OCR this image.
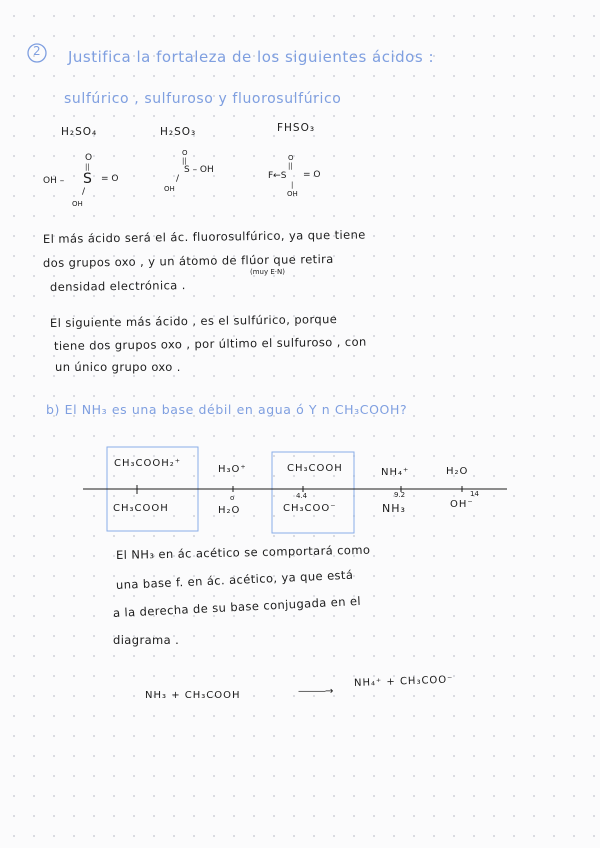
2 Justifica la fortaleza de los siguientes ácidos :
sulfúrico , sulfuroso y fluorosulfúrico
H₂SO₄	H₂SO₃	FHSO₃
O
||
OH – S = O
/
OH
O
||
S – OH
/
OH
O
||
F←S = O
|
OH
El más ácido será el ác. fluorosulfúrico, ya que tiene
dos grupos oxo , y un átomo de flúor que retira
(muy E·N)
densidad electrónica .
El siguiente más ácido , es el sulfúrico, porque
tiene dos grupos oxo , por último el sulfuroso , con
un único grupo oxo .
b) El NH₃ es una base débil en agua ó Y n CH₃COOH?
CH₃COOH₂⁺
H₃O⁺	CH₃COOH	NH₄⁺	H₂O
o	4.4	9.2	14
CH₃COOH	H₂O	CH₃COO⁻	NH₃	OH⁻
El NH₃ en ác acético se comportará como
una base f. en ác. acético, ya que está
a la derecha de su base conjugada en el
diagrama .
NH₃ + CH₃COOH	———→
NH₄⁺ + CH₃COO⁻
